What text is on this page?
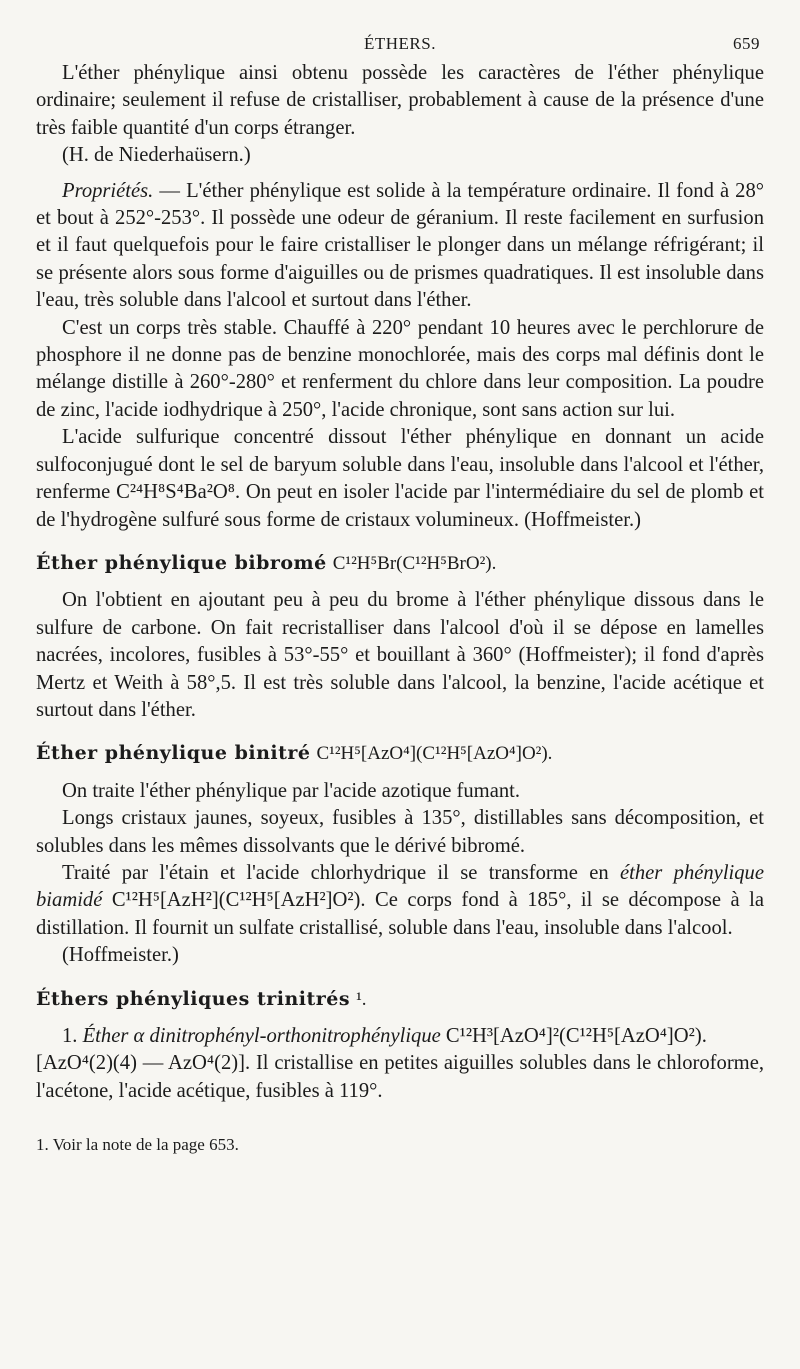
ÉTHERS.	659

L'éther phénylique ainsi obtenu possède les caractères de l'éther phénylique ordinaire; seulement il refuse de cristalliser, probablement à cause de la présence d'une très faible quantité d'un corps étranger.

(H. de Niederhaüsern.)

Propriétés. — L'éther phénylique est solide à la température ordinaire. Il fond à 28° et bout à 252°-253°. Il possède une odeur de géranium. Il reste facilement en surfusion et il faut quelquefois pour le faire cristalliser le plonger dans un mélange réfrigérant; il se présente alors sous forme d'aiguilles ou de prismes quadratiques. Il est insoluble dans l'eau, très soluble dans l'alcool et surtout dans l'éther.

C'est un corps très stable. Chauffé à 220° pendant 10 heures avec le perchlorure de phosphore il ne donne pas de benzine monochlorée, mais des corps mal définis dont le mélange distille à 260°-280° et renferment du chlore dans leur composition. La poudre de zinc, l'acide iodhydrique à 250°, l'acide chronique, sont sans action sur lui.

L'acide sulfurique concentré dissout l'éther phénylique en donnant un acide sulfoconjugué dont le sel de baryum soluble dans l'eau, insoluble dans l'alcool et l'éther, renferme C²⁴H⁸S⁴Ba²O⁸. On peut en isoler l'acide par l'intermédiaire du sel de plomb et de l'hydrogène sulfuré sous forme de cristaux volumineux. (Hoffmeister.)

Éther phénylique bibromé C¹²H⁵Br(C¹²H⁵BrO²).

On l'obtient en ajoutant peu à peu du brome à l'éther phénylique dissous dans le sulfure de carbone. On fait recristalliser dans l'alcool d'où il se dépose en lamelles nacrées, incolores, fusibles à 53°-55° et bouillant à 360° (Hoffmeister); il fond d'après Mertz et Weith à 58°,5. Il est très soluble dans l'alcool, la benzine, l'acide acétique et surtout dans l'éther.

Éther phénylique binitré C¹²H⁵[AzO⁴](C¹²H⁵[AzO⁴]O²).

On traite l'éther phénylique par l'acide azotique fumant.

Longs cristaux jaunes, soyeux, fusibles à 135°, distillables sans décomposition, et solubles dans les mêmes dissolvants que le dérivé bibromé.

Traité par l'étain et l'acide chlorhydrique il se transforme en éther phénylique biamidé C¹²H⁵[AzH²](C¹²H⁵[AzH²]O²). Ce corps fond à 185°, il se décompose à la distillation. Il fournit un sulfate cristallisé, soluble dans l'eau, insoluble dans l'alcool.

(Hoffmeister.)

Éthers phényliques trinitrés ¹.

1. Éther α dinitrophényl-orthonitrophénylique C¹²H³[AzO⁴]²(C¹²H⁵[AzO⁴]O²).

[AzO⁴(2)(4) — AzO⁴(2)]. Il cristallise en petites aiguilles solubles dans le chloroforme, l'acétone, l'acide acétique, fusibles à 119°.

1. Voir la note de la page 653.
